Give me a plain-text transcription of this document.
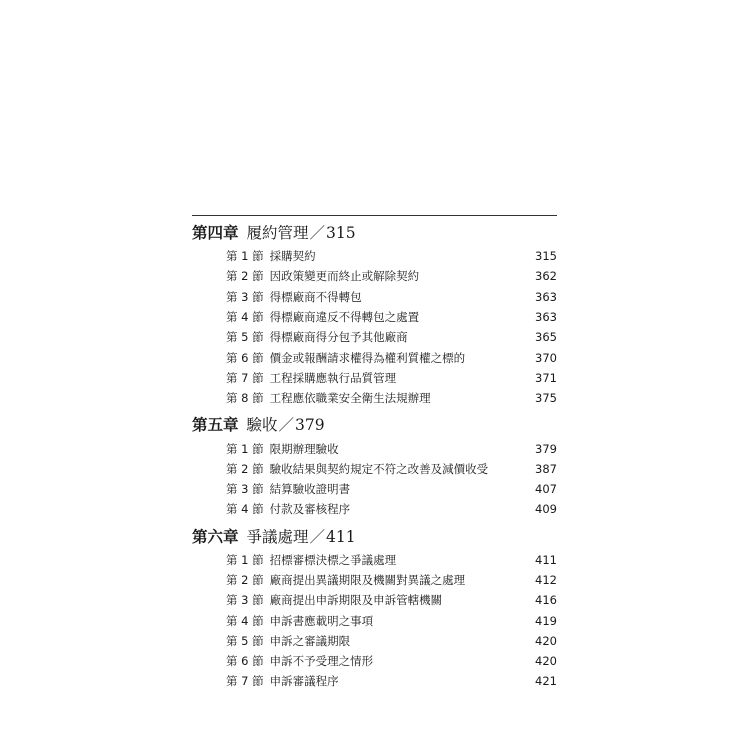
第四章 履約管理 ／ 315
第 1 節 採購契約	315
第 2 節 因政策變更而終止或解除契約	362
第 3 節 得標廠商不得轉包	363
第 4 節 得標廠商違反不得轉包之處置	363
第 5 節 得標廠商得分包予其他廠商	365
第 6 節 價金或報酬請求權得為權利質權之標的	370
第 7 節 工程採購應執行品質管理	371
第 8 節 工程應依職業安全衛生法規辦理	375
第五章 驗收 ／ 379
第 1 節 限期辦理驗收	379
第 2 節 驗收結果與契約規定不符之改善及減價收受	387
第 3 節 結算驗收證明書	407
第 4 節 付款及審核程序	409
第六章 爭議處理 ／ 411
第 1 節 招標審標決標之爭議處理	411
第 2 節 廠商提出異議期限及機關對異議之處理	412
第 3 節 廠商提出申訴期限及申訴管轄機關	416
第 4 節 申訴書應載明之事項	419
第 5 節 申訴之審議期限	420
第 6 節 申訴不予受理之情形	420
第 7 節 申訴審議程序	421
